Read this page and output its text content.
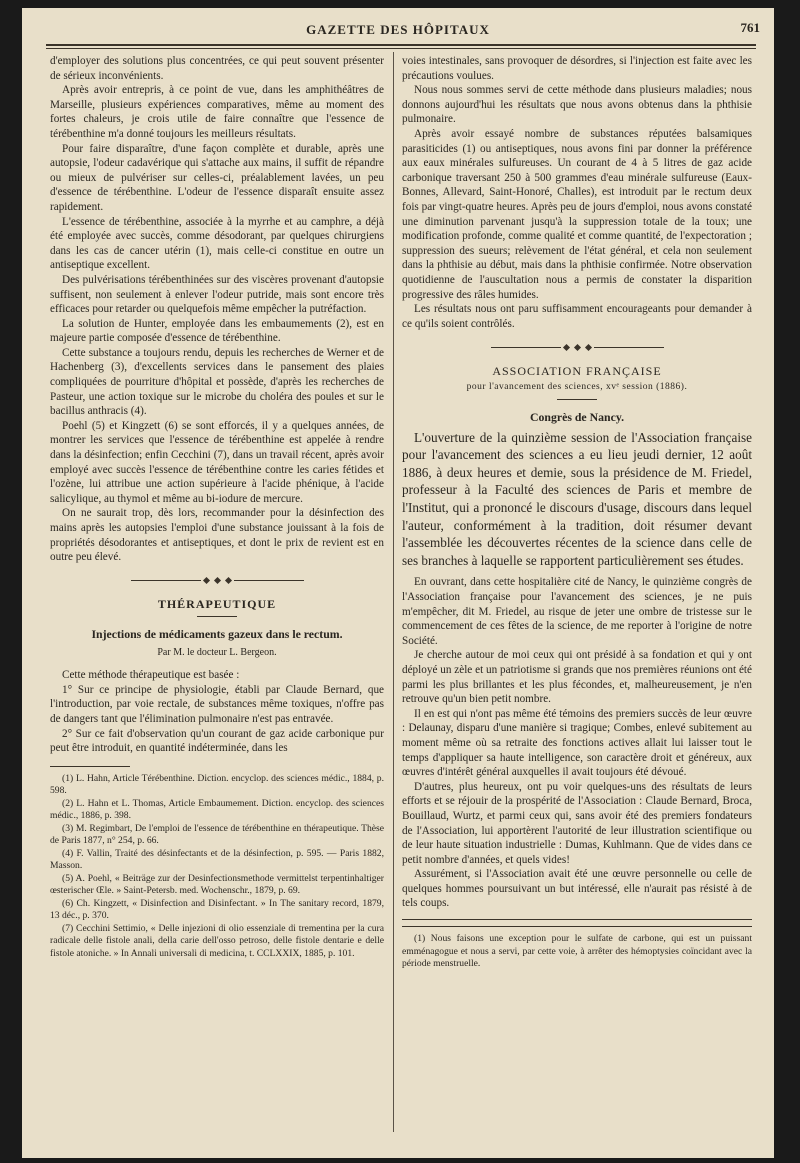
GAZETTE DES HÔPITAUX	761

d'employer des solutions plus concentrées, ce qui peut souvent présenter de sérieux inconvénients.

Après avoir entrepris, à ce point de vue, dans les amphithéâtres de Marseille, plusieurs expériences comparatives, même au moment des fortes chaleurs, je crois utile de faire connaître que l'essence de térébenthine m'a donné toujours les meilleurs résultats.

Pour faire disparaître, d'une façon complète et durable, après une autopsie, l'odeur cadavérique qui s'attache aux mains, il suffit de répandre ou mieux de pulvériser sur celles-ci, préalablement lavées, un peu d'essence de térébenthine. L'odeur de l'essence disparaît ensuite assez rapidement.

L'essence de térébenthine, associée à la myrrhe et au camphre, a déjà été employée avec succès, comme désodorant, par quelques chirurgiens dans les cas de cancer utérin (1), mais celle-ci constitue en outre un antiseptique excellent.

Des pulvérisations térébenthinées sur des viscères provenant d'autopsie suffisent, non seulement à enlever l'odeur putride, mais sont encore très efficaces pour retarder ou quelquefois même empêcher la putréfaction.

La solution de Hunter, employée dans les embaumements (2), est en majeure partie composée d'essence de térébenthine.

Cette substance a toujours rendu, depuis les recherches de Werner et de Hachenberg (3), d'excellents services dans le pansement des plaies compliquées de pourriture d'hôpital et possède, d'après les recherches de Pasteur, une action toxique sur le microbe du choléra des poules et sur le bacillus anthracis (4).

Poehl (5) et Kingzett (6) se sont efforcés, il y a quelques années, de montrer les services que l'essence de térébenthine est appelée à rendre dans la désinfection; enfin Cecchini (7), dans un travail récent, après avoir employé avec succès l'essence de térébenthine contre les caries fétides et l'ozène, lui attribue une action supérieure à l'acide phénique, à l'acide salicylique, au thymol et même au bi-iodure de mercure.

On ne saurait trop, dès lors, recommander pour la désinfection des mains après les autopsies l'emploi d'une substance jouissant à la fois de propriétés désodorantes et antiseptiques, et dont le prix de revient est en outre peu élevé.

THÉRAPEUTIQUE
Injections de médicaments gazeux dans le rectum.
Par M. le docteur L. Bergeon.

Cette méthode thérapeutique est basée :

1° Sur ce principe de physiologie, établi par Claude Bernard, que l'introduction, par voie rectale, de substances même toxiques, n'offre pas de dangers tant que l'élimination pulmonaire n'est pas entravée.

2° Sur ce fait d'observation qu'un courant de gaz acide carbonique pur peut être introduit, en quantité indéterminée, dans les

(1) L. Hahn, Article Térébenthine. Diction. encyclop. des sciences médic., 1884, p. 598.

(2) L. Hahn et L. Thomas, Article Embaumement. Diction. encyclop. des sciences médic., 1886, p. 398.

(3) M. Regimbart, De l'emploi de l'essence de térébenthine en thérapeutique. Thèse de Paris 1877, n° 254, p. 66.

(4) F. Vallin, Traité des désinfectants et de la désinfection, p. 595. — Paris 1882, Masson.

(5) A. Poehl, « Beiträge zur der Desinfectionsmethode vermittelst terpentinhaltiger œsterischer Œle. » Saint-Petersb. med. Wochenschr., 1879, p. 69.

(6) Ch. Kingzett, « Disinfection and Disinfectant. » In The sanitary record, 1879, 13 déc., p. 370.

(7) Cecchini Settimio, « Delle injezioni di olio essenziale di trementina per la cura radicale delle fistole anali, della carie dell'osso petroso, delle fistole dentarie e delle fistole atoniche. » In Annali universali di medicina, t. CCLXXIX, 1885, p. 101.

voies intestinales, sans provoquer de désordres, si l'injection est faite avec les précautions voulues.

Nous nous sommes servi de cette méthode dans plusieurs maladies; nous donnons aujourd'hui les résultats que nous avons obtenus dans la phthisie pulmonaire.

Après avoir essayé nombre de substances réputées balsamiques parasiticides (1) ou antiseptiques, nous avons fini par donner la préférence aux eaux minérales sulfureuses. Un courant de 4 à 5 litres de gaz acide carbonique traversant 250 à 500 grammes d'eau minérale sulfureuse (Eaux-Bonnes, Allevard, Saint-Honoré, Challes), est introduit par le rectum deux fois par vingt-quatre heures. Après peu de jours d'emploi, nous avons constaté une diminution parvenant jusqu'à la suppression totale de la toux; une modification profonde, comme qualité et comme quantité, de l'expectoration ; suppression des sueurs; relèvement de l'état général, et cela non seulement dans la phthisie au début, mais dans la phthisie confirmée. Notre observation quotidienne de l'auscultation nous a permis de constater la disparition progressive des râles humides.

Les résultats nous ont paru suffisamment encourageants pour demander à ce qu'ils soient contrôlés.

ASSOCIATION FRANÇAISE
pour l'avancement des sciences, xvᵉ session (1886).
Congrès de Nancy.

L'ouverture de la quinzième session de l'Association française pour l'avancement des sciences a eu lieu jeudi dernier, 12 août 1886, à deux heures et demie, sous la présidence de M. Friedel, professeur à la Faculté des sciences de Paris et membre de l'Institut, qui a prononcé le discours d'usage, discours dans lequel l'auteur, conformément à la tradition, doit résumer devant l'assemblée les découvertes récentes de la science dans celle de ses branches à laquelle se rapportent particulièrement ses études.

En ouvrant, dans cette hospitalière cité de Nancy, le quinzième congrès de l'Association française pour l'avancement des sciences, je ne puis m'empêcher, dit M. Friedel, au risque de jeter une ombre de tristesse sur le commencement de ces fêtes de la science, de me reporter à l'origine de notre Société.

Je cherche autour de moi ceux qui ont présidé à sa fondation et qui y ont déployé un zèle et un patriotisme si grands que nos premières réunions ont été parmi les plus brillantes et les plus fécondes, et, malheureusement, je n'en retrouve qu'un bien petit nombre.

Il en est qui n'ont pas même été témoins des premiers succès de leur œuvre : Delaunay, disparu d'une manière si tragique; Combes, enlevé subitement au moment même où sa retraite des fonctions actives allait lui laisser tout le temps d'appliquer sa haute intelligence, son caractère droit et généreux, aux œuvres d'intérêt général auxquelles il avait toujours été dévoué.

D'autres, plus heureux, ont pu voir quelques-uns des résultats de leurs efforts et se réjouir de la prospérité de l'Association : Claude Bernard, Broca, Bouillaud, Wurtz, et parmi ceux qui, sans avoir été des premiers fondateurs de l'Association, lui apportèrent l'autorité de leur illustration scientifique ou de leur haute situation industrielle : Dumas, Kuhlmann. Que de vides dans ce petit nombre d'années, et quels vides!

Assurément, si l'Association avait été une œuvre personnelle ou celle de quelques hommes poursuivant un but intéressé, elle n'aurait pas résisté à de tels coups.

(1) Nous faisons une exception pour le sulfate de carbone, qui est un puissant emménagogue et nous a servi, par cette voie, à arrêter des hémoptysies coïncidant avec la période menstruelle.
